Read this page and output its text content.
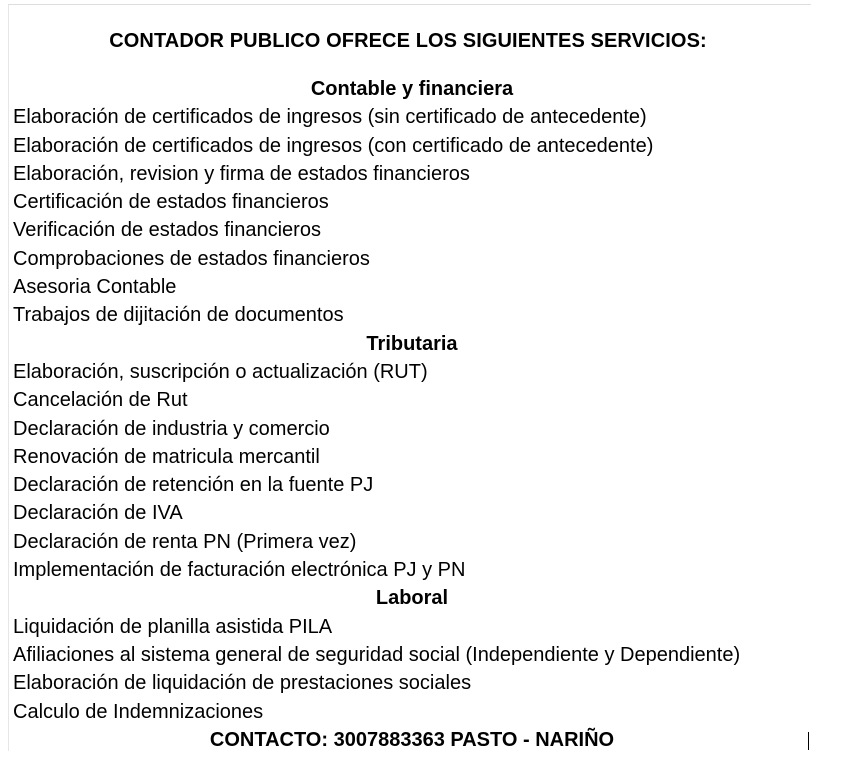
CONTADOR PUBLICO OFRECE LOS SIGUIENTES SERVICIOS:
Contable y financiera
Elaboración de certificados de ingresos (sin certificado de antecedente)
Elaboración de certificados de ingresos (con certificado de antecedente)
Elaboración, revision y firma de estados financieros
Certificación de estados financieros
Verificación de estados financieros
Comprobaciones de estados financieros
Asesoria Contable
Trabajos de dijitación de documentos
Tributaria
Elaboración, suscripción o actualización (RUT)
Cancelación de Rut
Declaración de industria y comercio
Renovación de matricula mercantil
Declaración de retención en la fuente PJ
Declaración de IVA
Declaración de renta PN (Primera vez)
Implementación de facturación electrónica PJ y PN
Laboral
Liquidación de planilla asistida PILA
Afiliaciones al sistema general de seguridad social (Independiente y Dependiente)
Elaboración de liquidación de prestaciones sociales
Calculo de Indemnizaciones
CONTACTO: 3007883363 PASTO - NARIÑO
